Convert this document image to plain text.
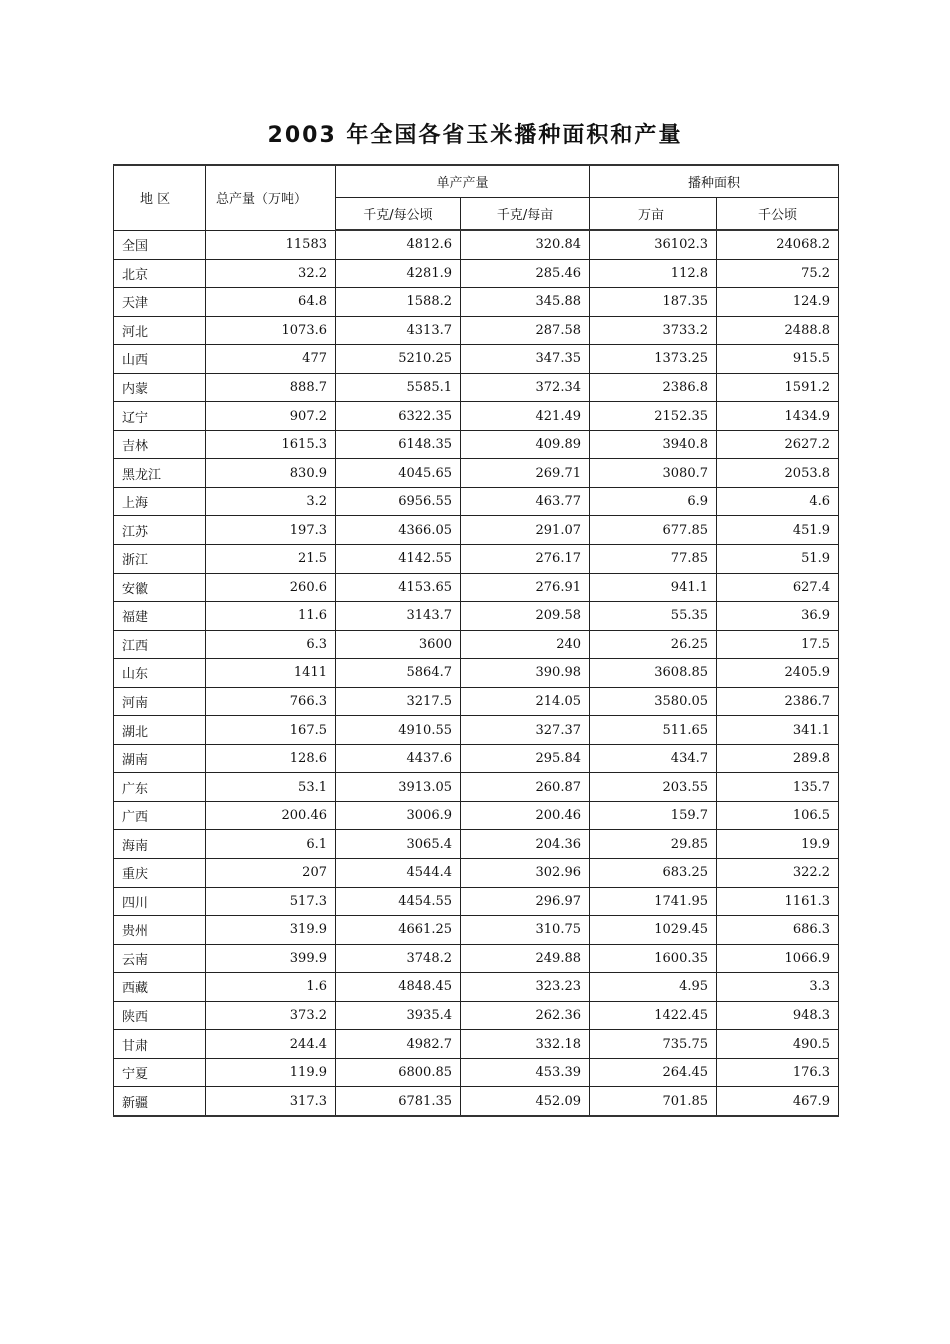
2003 年全国各省玉米播种面积和产量
地 区	总产量（万吨）	单产产量		播种面积	
		千克/每公顷	千克/每亩	万亩	千公顷
全国	11583	4812.6	320.84	36102.3	24068.2
北京	32.2	4281.9	285.46	112.8	75.2
天津	64.8	1588.2	345.88	187.35	124.9
河北	1073.6	4313.7	287.58	3733.2	2488.8
山西	477	5210.25	347.35	1373.25	915.5
内蒙	888.7	5585.1	372.34	2386.8	1591.2
辽宁	907.2	6322.35	421.49	2152.35	1434.9
吉林	1615.3	6148.35	409.89	3940.8	2627.2
黑龙江	830.9	4045.65	269.71	3080.7	2053.8
上海	3.2	6956.55	463.77	6.9	4.6
江苏	197.3	4366.05	291.07	677.85	451.9
浙江	21.5	4142.55	276.17	77.85	51.9
安徽	260.6	4153.65	276.91	941.1	627.4
福建	11.6	3143.7	209.58	55.35	36.9
江西	6.3	3600	240	26.25	17.5
山东	1411	5864.7	390.98	3608.85	2405.9
河南	766.3	3217.5	214.05	3580.05	2386.7
湖北	167.5	4910.55	327.37	511.65	341.1
湖南	128.6	4437.6	295.84	434.7	289.8
广东	53.1	3913.05	260.87	203.55	135.7
广西	200.46	3006.9	200.46	159.7	106.5
海南	6.1	3065.4	204.36	29.85	19.9
重庆	207	4544.4	302.96	683.25	322.2
四川	517.3	4454.55	296.97	1741.95	1161.3
贵州	319.9	4661.25	310.75	1029.45	686.3
云南	399.9	3748.2	249.88	1600.35	1066.9
西藏	1.6	4848.45	323.23	4.95	3.3
陕西	373.2	3935.4	262.36	1422.45	948.3
甘肃	244.4	4982.7	332.18	735.75	490.5
宁夏	119.9	6800.85	453.39	264.45	176.3
新疆	317.3	6781.35	452.09	701.85	467.9
